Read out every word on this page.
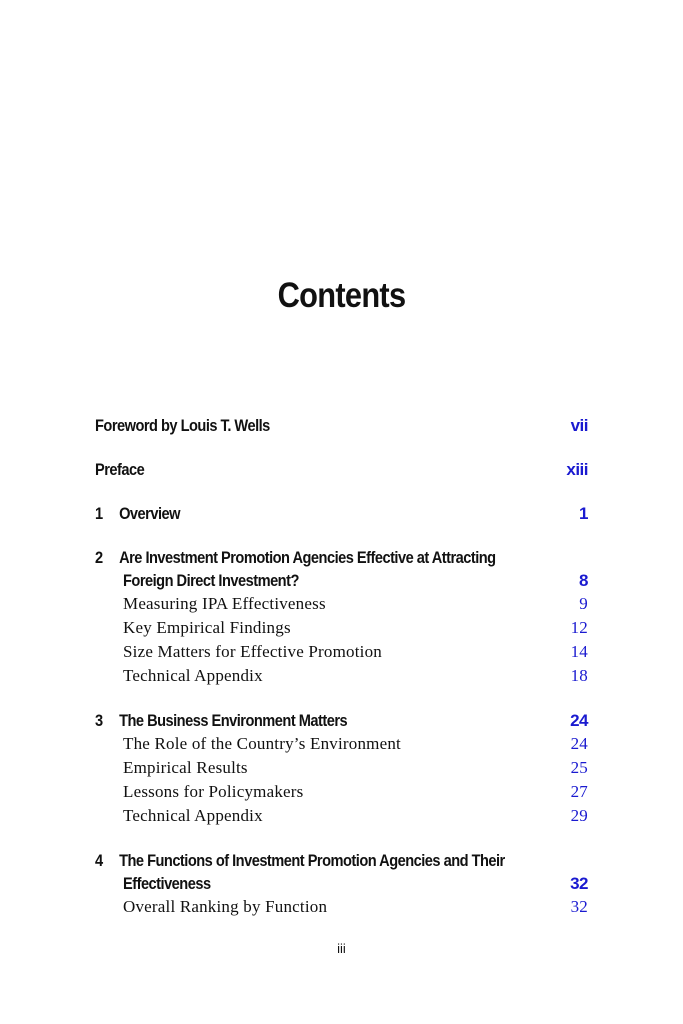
Contents
Foreword by Louis T. Wells	vii
Preface	xiii
1 Overview	1
2 Are Investment Promotion Agencies Effective at Attracting
Foreign Direct Investment?	8
Measuring IPA Effectiveness	9
Key Empirical Findings	12
Size Matters for Effective Promotion	14
Technical Appendix	18
3 The Business Environment Matters	24
The Role of the Country’s Environment	24
Empirical Results	25
Lessons for Policymakers	27
Technical Appendix	29
4 The Functions of Investment Promotion Agencies and Their
Effectiveness	32
Overall Ranking by Function	32
iii
